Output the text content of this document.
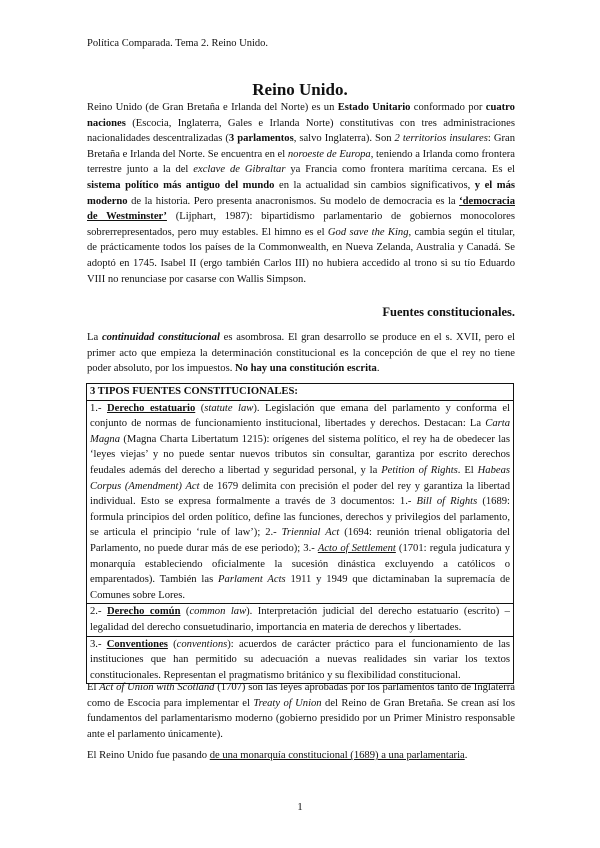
Política Comparada. Tema 2. Reino Unido.
Reino Unido.

Reino Unido (de Gran Bretaña e Irlanda del Norte) es un Estado Unitario conformado por cuatro naciones (Escocia, Inglaterra, Gales e Irlanda Norte) constitutivas con tres administraciones nacionalidades descentralizadas (3 parlamentos, salvo Inglaterra). Son 2 territorios insulares: Gran Bretaña e Irlanda del Norte. Se encuentra en el noroeste de Europa, teniendo a Irlanda como frontera terrestre junto a la del exclave de Gibraltar ya Francia como frontera marítima cercana. Es el sistema político más antiguo del mundo en la actualidad sin cambios significativos, y el más moderno de la historia. Pero presenta anacronismos. Su modelo de democracia es la ‘democracia de Westminster’ (Lijphart, 1987): bipartidismo parlamentario de gobiernos monocolores sobrerrepresentados, pero muy estables. El himno es el God save the King, cambia según el titular, de prácticamente todos los países de la Commonwealth, en Nueva Zelanda, Australia y Canadá. Se adoptó en 1745. Isabel II (ergo también Carlos III) no hubiera accedido al trono si su tío Eduardo VIII no renunciase por casarse con Wallis Simpson.

Fuentes constitucionales.

La continuidad constitucional es asombrosa. El gran desarrollo se produce en el s. XVII, pero el primer acto que empieza la determinación constitucional es la concepción de que el rey no tiene poder absoluto, por los impuestos. No hay una constitución escrita.

3 TIPOS FUENTES CONSTITUCIONALES:
1.- Derecho estatuario (statute law). Legislación que emana del parlamento y conforma el conjunto de normas de funcionamiento institucional, libertades y derechos. Destacan: La Carta Magna (Magna Charta Libertatum 1215): orígenes del sistema político, el rey ha de obedecer las ‘leyes viejas’ y no puede sentar nuevos tributos sin consultar, garantiza por escrito derechos feudales además del derecho a libertad y seguridad personal, y la Petition of Rights. El Habeas Corpus (Amendment) Act de 1679 delimita con precisión el poder del rey y garantiza la libertad individual. Esto se expresa formalmente a través de 3 documentos: 1.- Bill of Rights (1689: formula principios del orden político, define las funciones, derechos y privilegios del parlamento, se articula el principio ‘rule of law’); 2.- Triennial Act (1694: reunión trienal obligatoria del Parlamento, no puede durar más de ese periodo); 3.- Acto of Settlement (1701: regula judicatura y monarquía estableciendo oficialmente la sucesión dinástica excluyendo a católicos o emparentados). También las Parlament Acts 1911 y 1949 que dictaminaban la supremacía de Comunes sobre Lores.
2.- Derecho común (common law). Interpretación judicial del derecho estatuario (escrito) – legalidad del derecho consuetudinario, importancia en materia de derechos y libertades.
3.- Conventiones (conventions): acuerdos de carácter práctico para el funcionamiento de las instituciones que han permitido su adecuación a nuevas realidades sin variar los textos constitucionales. Representan el pragmatismo británico y su flexibilidad constitucional.

El Act of Union with Scotland (1707) son las leyes aprobadas por los parlamentos tanto de Inglaterra como de Escocia para implementar el Treaty of Union del Reino de Gran Bretaña. Se crean así los fundamentos del parlamentarismo moderno (gobierno presidido por un Primer Ministro responsable ante el parlamento únicamente).

El Reino Unido fue pasando de una monarquía constitucional (1689) a una parlamentaria.

1
